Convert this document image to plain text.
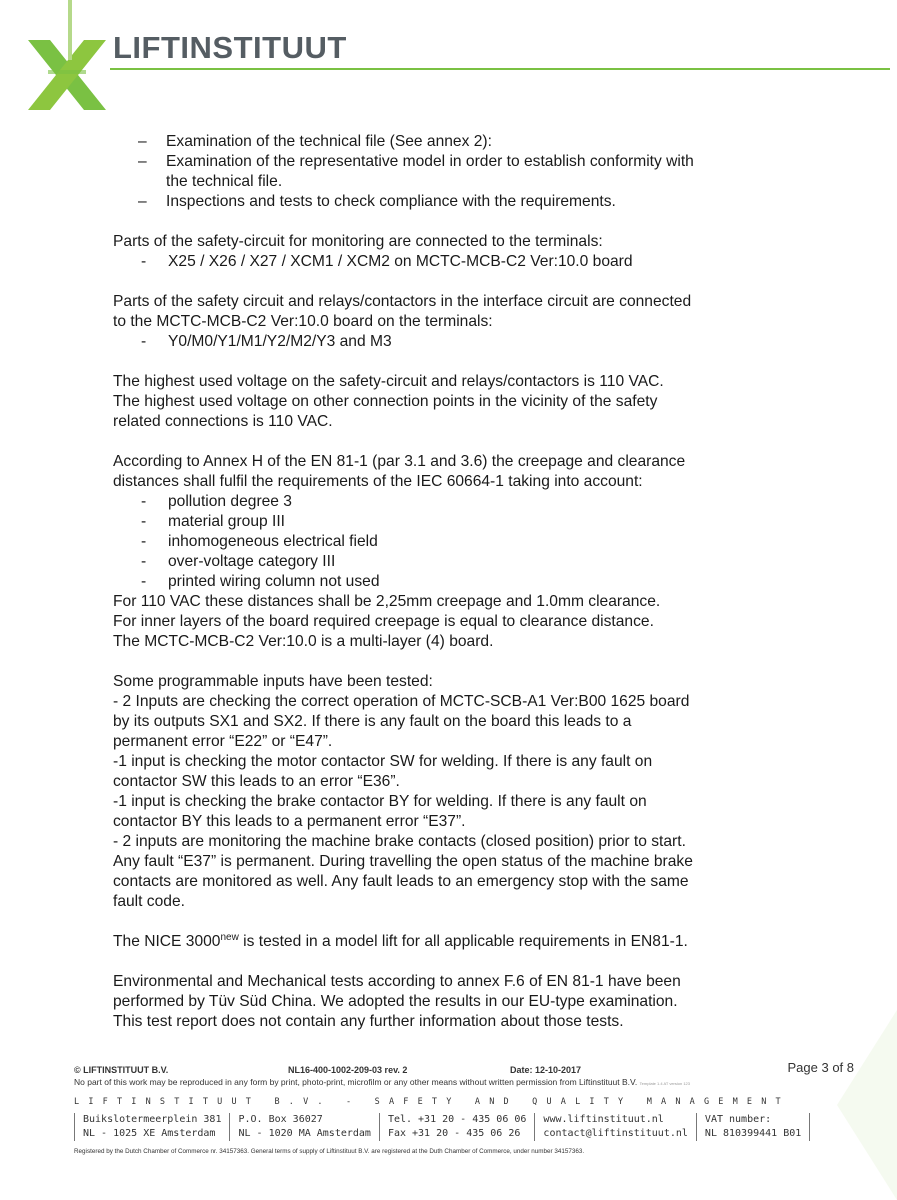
LIFTINSTITUUT
– Examination of the technical file (See annex 2):
– Examination of the representative model in order to establish conformity with
the technical file.
– Inspections and tests to check compliance with the requirements.
Parts of the safety-circuit for monitoring are connected to the terminals:
- X25 / X26 / X27 / XCM1 / XCM2 on MCTC-MCB-C2 Ver:10.0 board
Parts of the safety circuit and relays/contactors in the interface circuit are connected
to the MCTC-MCB-C2 Ver:10.0 board on the terminals:
- Y0/M0/Y1/M1/Y2/M2/Y3 and M3
The highest used voltage on the safety-circuit and relays/contactors is 110 VAC.
The highest used voltage on other connection points in the vicinity of the safety
related connections is 110 VAC.
According to Annex H of the EN 81-1 (par 3.1 and 3.6) the creepage and clearance
distances shall fulfil the requirements of the IEC 60664-1 taking into account:
- pollution degree 3
- material group III
- inhomogeneous electrical field
- over-voltage category III
- printed wiring column not used
For 110 VAC these distances shall be 2,25mm creepage and 1.0mm clearance.
For inner layers of the board required creepage is equal to clearance distance.
The MCTC-MCB-C2 Ver:10.0 is a multi-layer (4) board.
Some programmable inputs have been tested:
- 2 Inputs are checking the correct operation of MCTC-SCB-A1 Ver:B00 1625 board
by its outputs SX1 and SX2. If there is any fault on the board this leads to a
permanent error “E22” or “E47”.
-1 input is checking the motor contactor SW for welding. If there is any fault on
contactor SW this leads to an error “E36”.
-1 input is checking the brake contactor BY for welding. If there is any fault on
contactor BY this leads to a permanent error “E37”.
- 2 inputs are monitoring the machine brake contacts (closed position) prior to start.
Any fault “E37” is permanent. During travelling the open status of the machine brake
contacts are monitored as well. Any fault leads to an emergency stop with the same
fault code.
The NICE $3000^{new}$ is tested in a model lift for all applicable requirements in EN81-1.
Environmental and Mechanical tests according to annex F.6 of EN 81-1 have been
performed by Tüv Süd China. We adopted the results in our EU-type examination.
This test report does not contain any further information about those tests.
© LIFTINSTITUUT B.V.	NL16-400-1002-209-03 rev. 2	Date: 12-10-2017	Page 3 of 8
No part of this work may be reproduced in any form by print, photo-print, microfilm or any other means without written permission from Liftinstituut B.V. Template 1.4 AT version 123
LIFTINSTITUUT B.V. - SAFETY AND QUALITY MANAGEMENT
Buikslotermeerplein 381
NL - 1025 XE Amsterdam
P.O. Box 36027
NL - 1020 MA Amsterdam
Tel. +31 20 - 435 06 06
Fax +31 20 - 435 06 26
www.liftinstituut.nl
contact@liftinstituut.nl
VAT number:
NL 810399441 B01
Registered by the Dutch Chamber of Commerce nr. 34157363. General terms of supply of Liftinstituut B.V. are registered at the Duth Chamber of Commerce, under number 34157363.
